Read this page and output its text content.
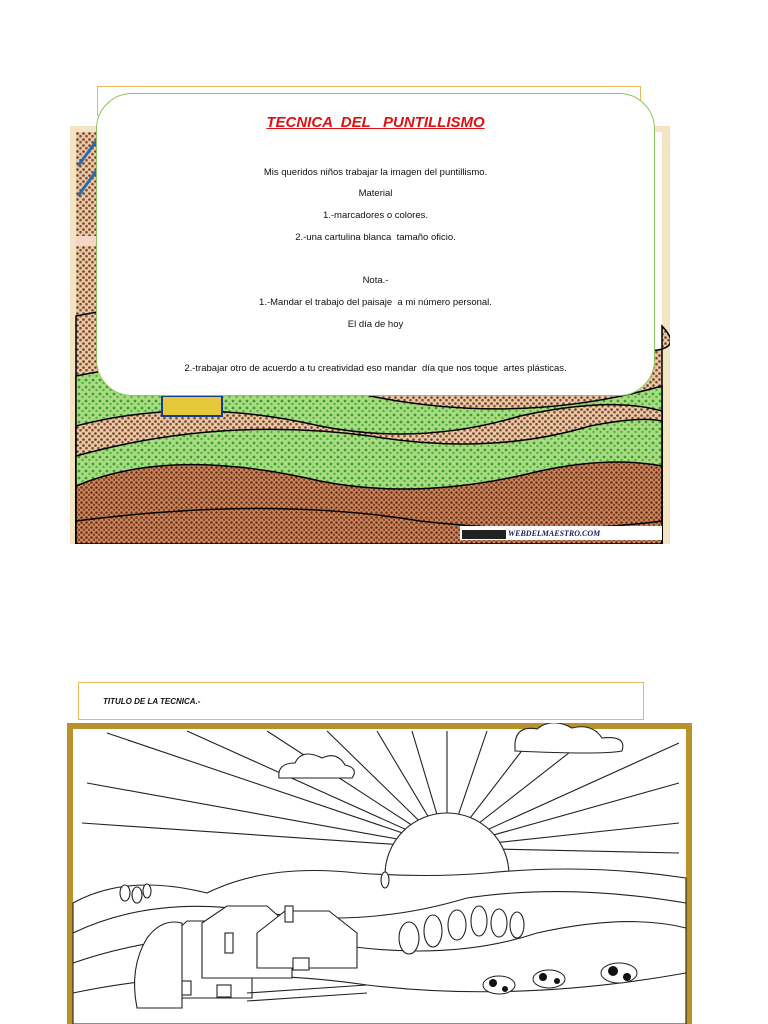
TECNICA  DEL   PUNTILLISMO
Mis queridos niños trabajar la imagen del puntillismo.
Material
1.-marcadores o colores.
2.-una cartulina blanca  tamaño oficio.
Nota.-
1.-Mandar el trabajo del paisaje  a mi número personal.
El día de hoy
2.-trabajar otro de acuerdo a tu creatividad eso mandar  día que nos toque  artes plásticas.
WEBDELMAESTRO.COM
TITULO DE LA TECNICA.-
